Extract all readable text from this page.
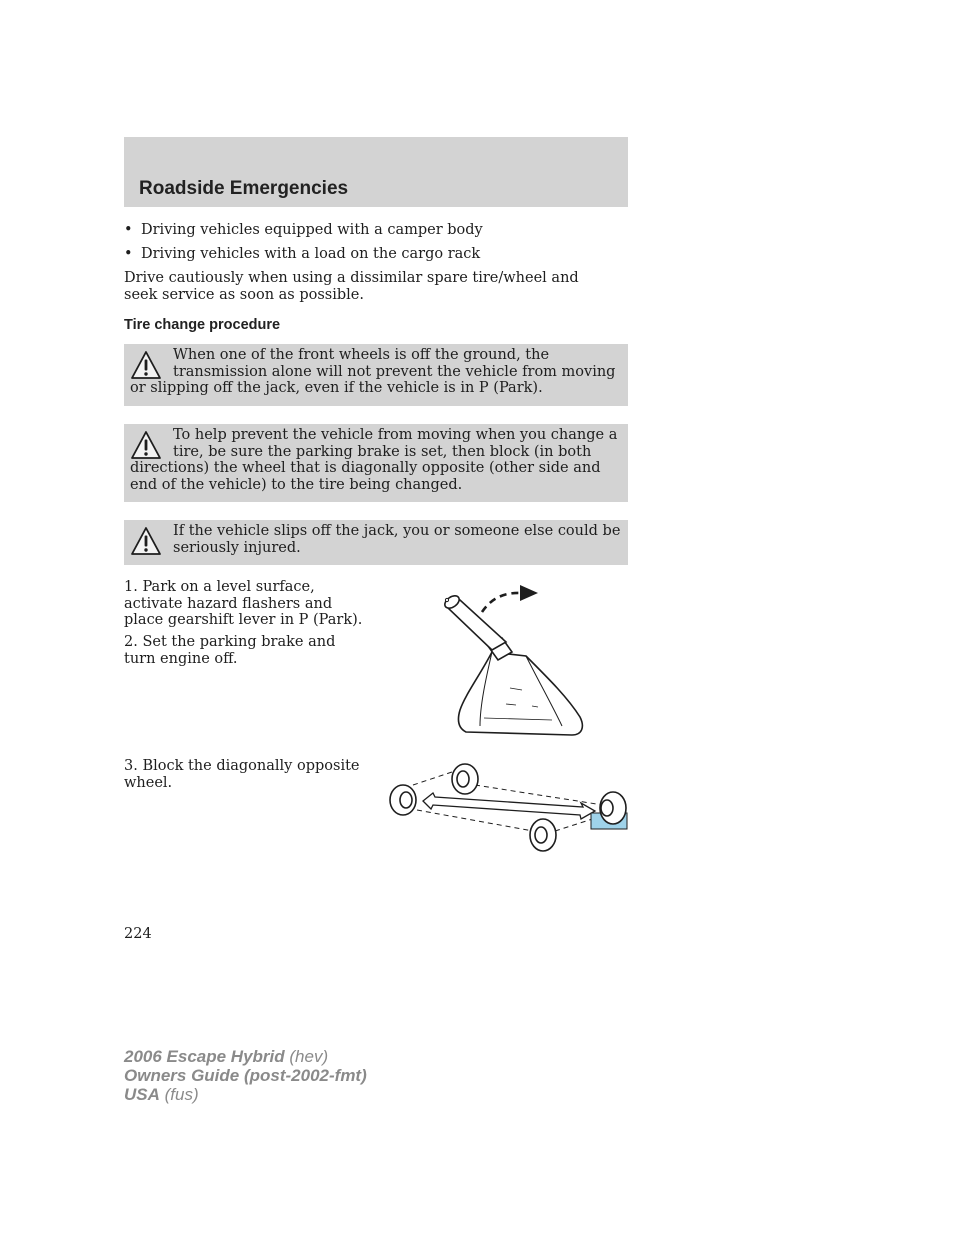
Roadside Emergencies
• Driving vehicles equipped with a camper body
• Driving vehicles with a load on the cargo rack
Drive cautiously when using a dissimilar spare tire/wheel and seek service as soon as possible.
Tire change procedure
When one of the front wheels is off the ground, the transmission alone will not prevent the vehicle from moving or slipping off the jack, even if the vehicle is in P (Park).
To help prevent the vehicle from moving when you change a tire, be sure the parking brake is set, then block (in both directions) the wheel that is diagonally opposite (other side and end of the vehicle) to the tire being changed.
If the vehicle slips off the jack, you or someone else could be seriously injured.
1. Park on a level surface, activate hazard flashers and place gearshift lever in P (Park).
2. Set the parking brake and turn engine off.
3. Block the diagonally opposite wheel.
224
2006 Escape Hybrid (hev)
Owners Guide (post-2002-fmt)
USA (fus)
